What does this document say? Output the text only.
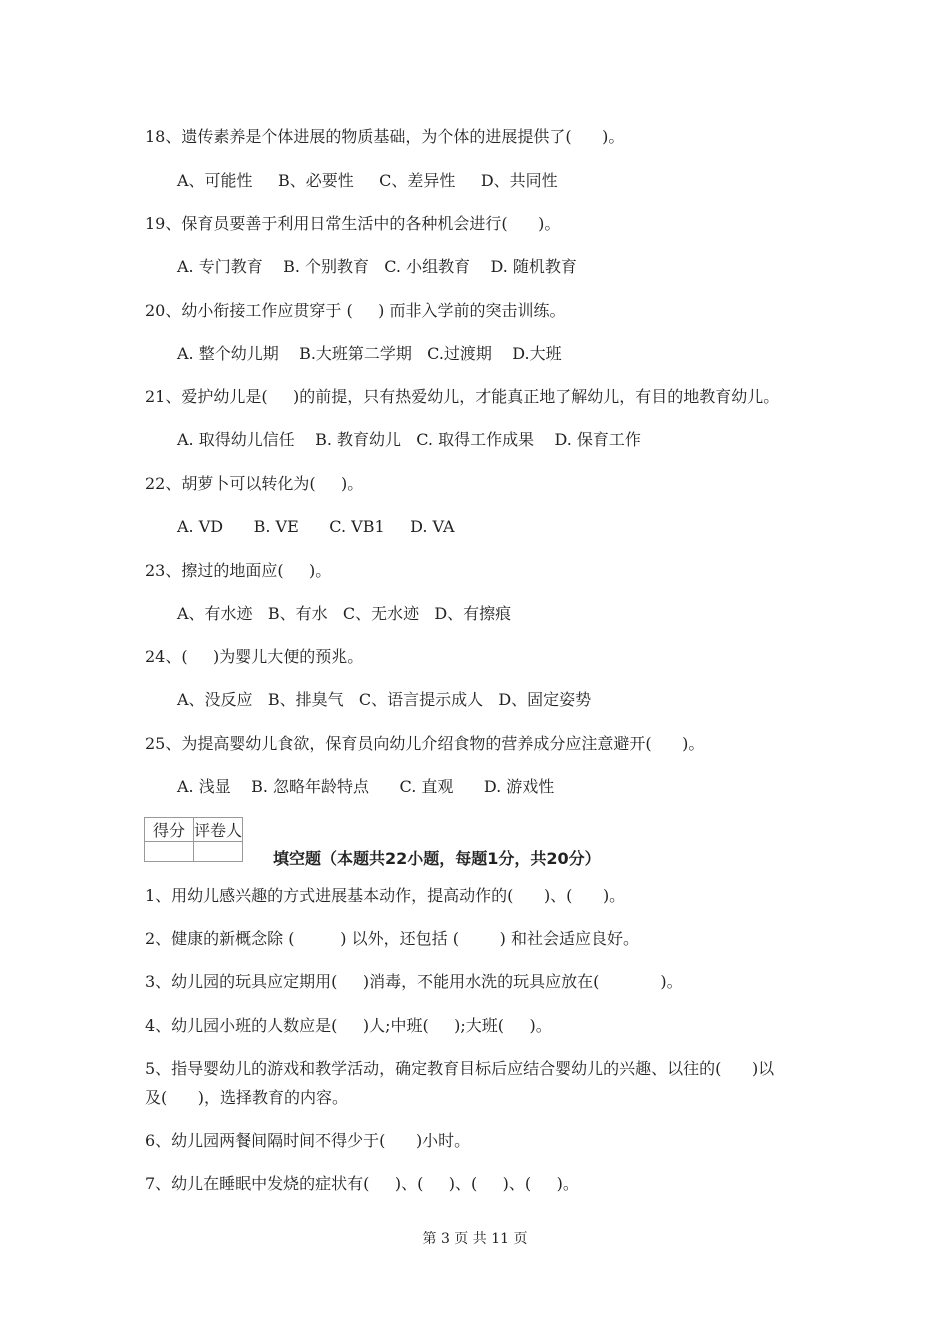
18、遗传素养是个体进展的物质基础，为个体的进展提供了(      )。
A、可能性     B、必要性     C、差异性     D、共同性
19、保育员要善于利用日常生活中的各种机会进行(      )。
A. 专门教育    B. 个别教育   C. 小组教育    D. 随机教育
20、幼小衔接工作应贯穿于 (     ) 而非入学前的突击训练。
A. 整个幼儿期    B.大班第二学期   C.过渡期    D.大班
21、爱护幼儿是(     )的前提，只有热爱幼儿，才能真正地了解幼儿，有目的地教育幼儿。
A. 取得幼儿信任    B. 教育幼儿   C. 取得工作成果    D. 保育工作
22、胡萝卜可以转化为(     )。
A. VD      B. VE      C. VB1     D. VA
23、擦过的地面应(     )。
A、有水迹   B、有水   C、无水迹   D、有擦痕
24、(     )为婴儿大便的预兆。
A、没反应   B、排臭气   C、语言提示成人   D、固定姿势
25、为提高婴幼儿食欲，保育员向幼儿介绍食物的营养成分应注意避开(      )。
A. 浅显    B. 忽略年龄特点      C. 直观      D. 游戏性
得分	评卷人

填空题（本题共22小题，每题1分，共20分）
1、用幼儿感兴趣的方式进展基本动作，提高动作的(      )、(      )。
2、健康的新概念除 (         ) 以外，还包括 (        ) 和社会适应良好。
3、幼儿园的玩具应定期用(     )消毒，不能用水洗的玩具应放在(            )。
4、幼儿园小班的人数应是(     )人;中班(     );大班(     )。
5、指导婴幼儿的游戏和教学活动，确定教育目标后应结合婴幼儿的兴趣、以往的(      )以
及(      )，选择教育的内容。
6、幼儿园两餐间隔时间不得少于(      )小时。
7、幼儿在睡眠中发烧的症状有(     )、(     )、(     )、(     )。
第 3 页 共 11 页
